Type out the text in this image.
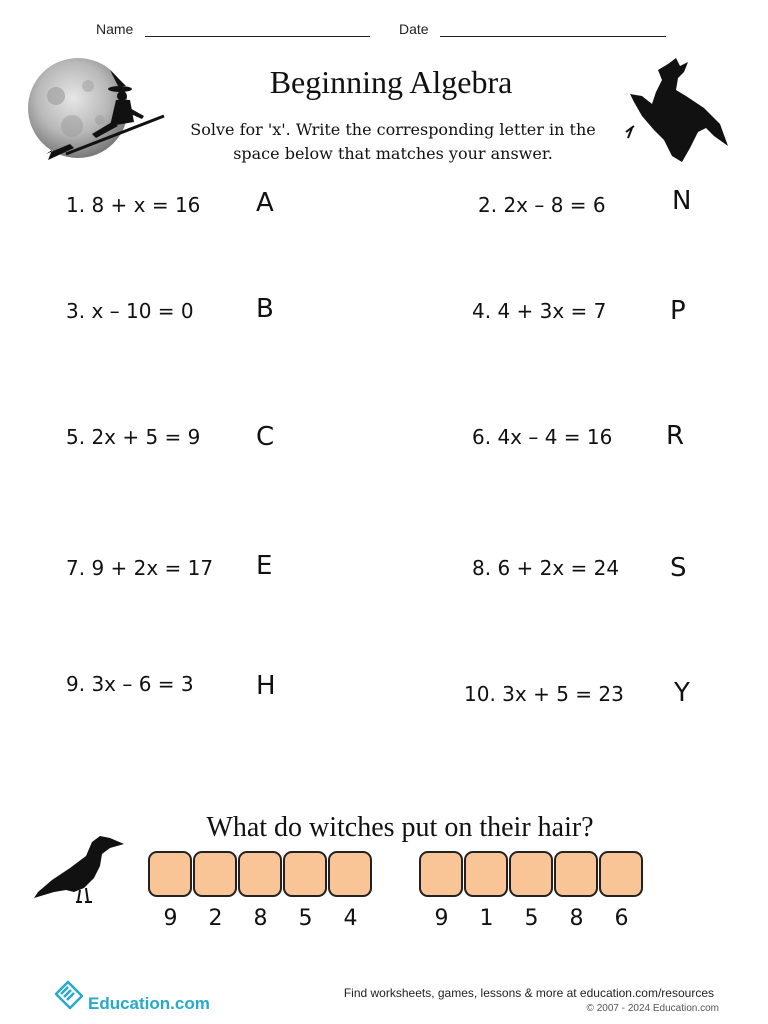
Name	Date
Beginning Algebra
Solve for 'x'. Write the corresponding letter in the space below that matches your answer.
1. 8 + x = 16 A	2. 2x – 8 = 6	N
3. x – 10 = 0 B	4. 4 + 3x = 7 P
5. 2x + 5 = 9 C	6. 4x – 4 = 16 R
7. 9 + 2x = 17 E	8. 6 + 2x = 24 S
9. 3x – 6 = 3 H	10. 3x + 5 = 23 Y
What do witches put on their hair?
9	2	8	5	4	9	1	5	8	6
Education.com
Find worksheets, games, lessons & more at education.com/resources
© 2007 - 2024 Education.com
